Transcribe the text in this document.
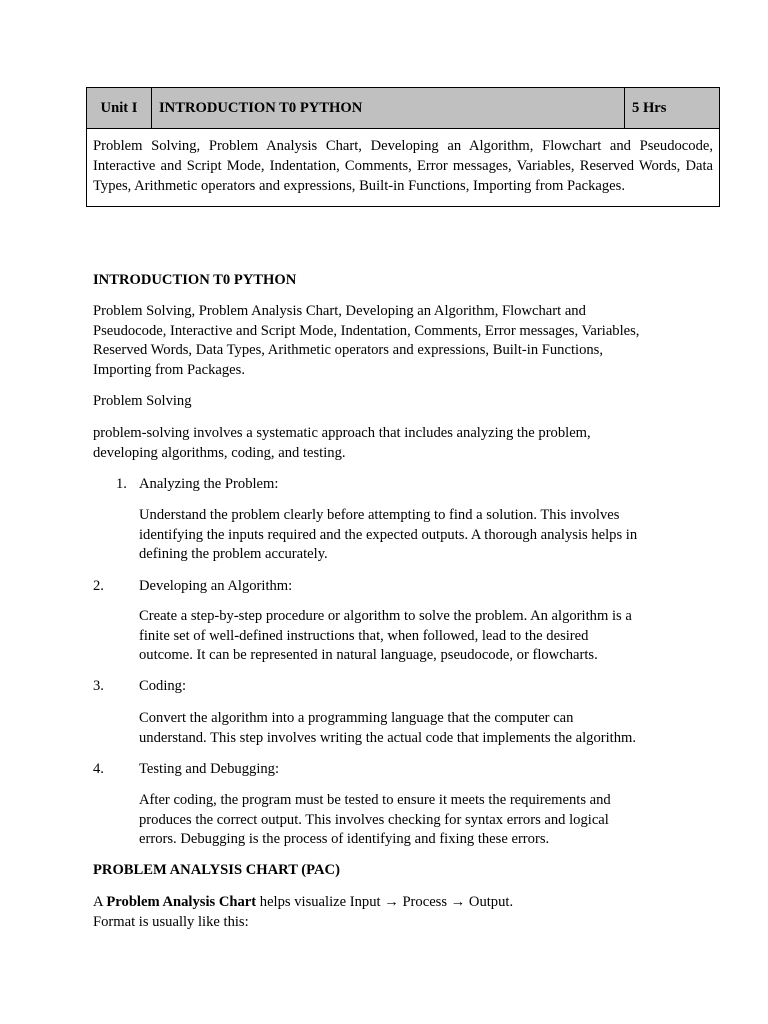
Unit I	INTRODUCTION T0 PYTHON	5 Hrs
Problem Solving, Problem Analysis Chart, Developing an Algorithm, Flowchart and Pseudocode, Interactive and Script Mode, Indentation, Comments, Error messages, Variables, Reserved Words, Data Types, Arithmetic operators and expressions, Built-in Functions, Importing from Packages.
INTRODUCTION T0 PYTHON
Problem Solving, Problem Analysis Chart, Developing an Algorithm, Flowchart and
Pseudocode, Interactive and Script Mode, Indentation, Comments, Error messages, Variables,
Reserved Words, Data Types, Arithmetic operators and expressions, Built-in Functions,
Importing from Packages.
Problem Solving
problem-solving involves a systematic approach that includes analyzing the problem,
developing algorithms, coding, and testing.
1. Analyzing the Problem:
Understand the problem clearly before attempting to find a solution. This involves
identifying the inputs required and the expected outputs. A thorough analysis helps in
defining the problem accurately.
2. Developing an Algorithm:
Create a step-by-step procedure or algorithm to solve the problem. An algorithm is a
finite set of well-defined instructions that, when followed, lead to the desired
outcome. It can be represented in natural language, pseudocode, or flowcharts.
3. Coding:
Convert the algorithm into a programming language that the computer can
understand. This step involves writing the actual code that implements the algorithm.
4. Testing and Debugging:
After coding, the program must be tested to ensure it meets the requirements and
produces the correct output. This involves checking for syntax errors and logical
errors. Debugging is the process of identifying and fixing these errors.
PROBLEM ANALYSIS CHART (PAC)
A Problem Analysis Chart helps visualize Input → Process → Output.
Format is usually like this:
